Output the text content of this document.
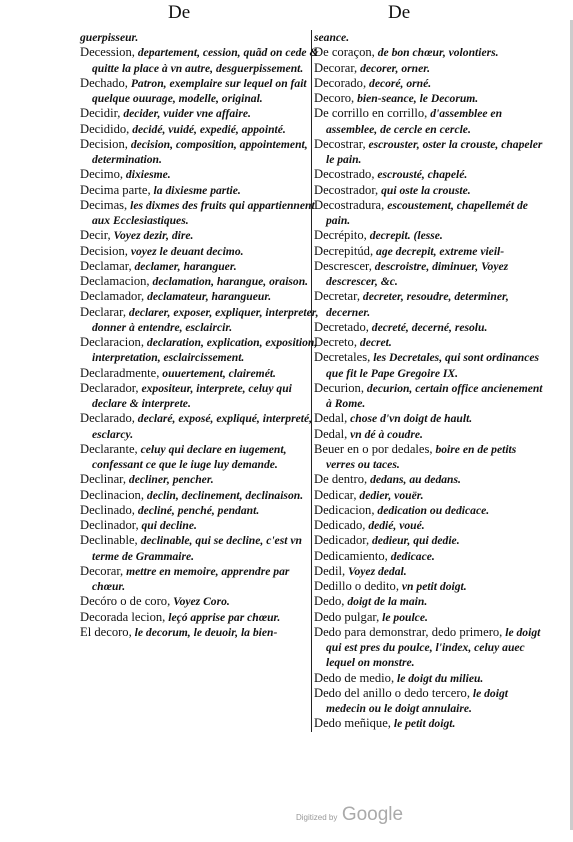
De	De
guerpisseur.
Decession, departement, cession, quãd on cede & quitte la place à vn autre, desguerpissement.
Dechado, Patron, exemplaire sur lequel on fait quelque ouurage, modelle, original.
Decidir, decider, vuider vne affaire.
Decidido, decidé, vuidé, expedié, appointé.
Decision, decision, composition, appointement, determination.
Decimo, dixiesme.
Decima parte, la dixiesme partie.
Decimas, les dixmes des fruits qui appartiennent aux Ecclesiastiques.
Decir, Voyez dezir, dire.
Decision, voyez le deuant decimo.
Declamar, declamer, haranguer.
Declamacion, declamation, harangue, oraison.
Declamador, declamateur, harangueur.
Declarar, declarer, exposer, expliquer, interpreter, donner à entendre, esclaircir.
Declaracion, declaration, explication, exposition, interpretation, esclaircissement.
Declaradmente, ouuertement, clairemét.
Declarador, expositeur, interprete, celuy qui declare & interprete.
Declarado, declaré, exposé, expliqué, interpreté, esclarcy.
Declarante, celuy qui declare en iugement, confessant ce que le iuge luy demande.
Declinar, decliner, pencher.
Declinacion, declin, declinement, declinaison.
Declinado, decliné, penché, pendant.
Declinador, qui decline.
Declinable, declinable, qui se decline, c'est vn terme de Grammaire.
Decorar, mettre en memoire, apprendre par chœur.
Decóro o de coro, Voyez Coro.
Decorada lecion, leçó apprise par chœur.
El decoro, le decorum, le deuoir, la bien-
seance.
De coraçon, de bon chœur, volontiers.
Decorar, decorer, orner.
Decorado, decoré, orné.
Decoro, bien-seance, le Decorum.
De corrillo en corrillo, d'assemblee en assemblee, de cercle en cercle.
Decostrar, escrouster, oster la crouste, chapeler le pain.
Decostrado, escrousté, chapelé.
Decostrador, qui oste la crouste.
Decostradura, escoustement, chapellemét de pain.
Decrépito, decrepit. (lesse.
Decrepitúd, age decrepit, extreme vieil-
Descrescer, descroistre, diminuer, Voyez descrescer, &c.
Decretar, decreter, resoudre, determiner, decerner.
Decretado, decreté, decerné, resolu.
Decreto, decret.
Decretales, les Decretales, qui sont ordinances que fit le Pape Gregoire IX.
Decurion, decurion, certain office ancienement à Rome.
Dedal, chose d'vn doigt de hault.
Dedal, vn dé à coudre.
Beuer en o por dedales, boire en de petits verres ou taces.
De dentro, dedans, au dedans.
Dedicar, dedier, vouër.
Dedicacion, dedication ou dedicace.
Dedicado, dedié, voué.
Dedicador, dedieur, qui dedie.
Dedicamiento, dedicace.
Dedil, Voyez dedal.
Dedillo o dedito, vn petit doigt.
Dedo, doigt de la main.
Dedo pulgar, le poulce.
Dedo para demonstrar, dedo primero, le doigt qui est pres du poulce, l'index, celuy auec lequel on monstre.
Dedo de medio, le doigt du milieu.
Dedo del anillo o dedo tercero, le doigt medecin ou le doigt annulaire.
Dedo meñique, le petit doigt.
Digitized by Google
